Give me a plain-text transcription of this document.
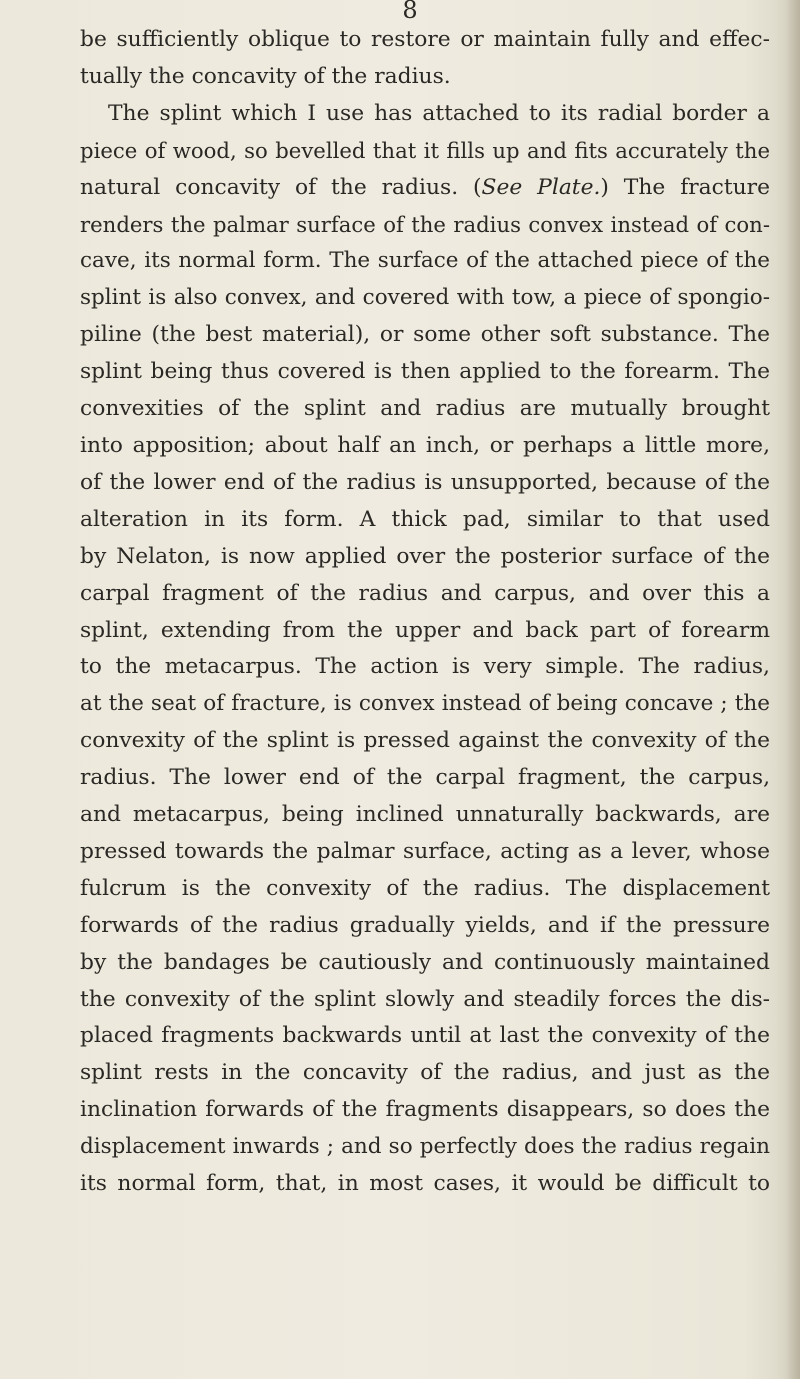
8
be sufficiently oblique to restore or maintain fully and effec-
tually the concavity of the radius.
The splint which I use has attached to its radial border a
piece of wood, so bevelled that it fills up and fits accurately the
natural concavity of the radius. (See Plate.) The fracture
renders the palmar surface of the radius convex instead of con-
cave, its normal form. The surface of the attached piece of the
splint is also convex, and covered with tow, a piece of spongio-
piline (the best material), or some other soft substance. The
splint being thus covered is then applied to the forearm. The
convexities of the splint and radius are mutually brought
into apposition; about half an inch, or perhaps a little more,
of the lower end of the radius is unsupported, because of the
alteration in its form. A thick pad, similar to that used
by Nelaton, is now applied over the posterior surface of the
carpal fragment of the radius and carpus, and over this a
splint, extending from the upper and back part of forearm
to the metacarpus. The action is very simple. The radius,
at the seat of fracture, is convex instead of being concave ; the
convexity of the splint is pressed against the convexity of the
radius. The lower end of the carpal fragment, the carpus,
and metacarpus, being inclined unnaturally backwards, are
pressed towards the palmar surface, acting as a lever, whose
fulcrum is the convexity of the radius. The displacement
forwards of the radius gradually yields, and if the pressure
by the bandages be cautiously and continuously maintained
the convexity of the splint slowly and steadily forces the dis-
placed fragments backwards until at last the convexity of the
splint rests in the concavity of the radius, and just as the
inclination forwards of the fragments disappears, so does the
displacement inwards ; and so perfectly does the radius regain
its normal form, that, in most cases, it would be difficult to
